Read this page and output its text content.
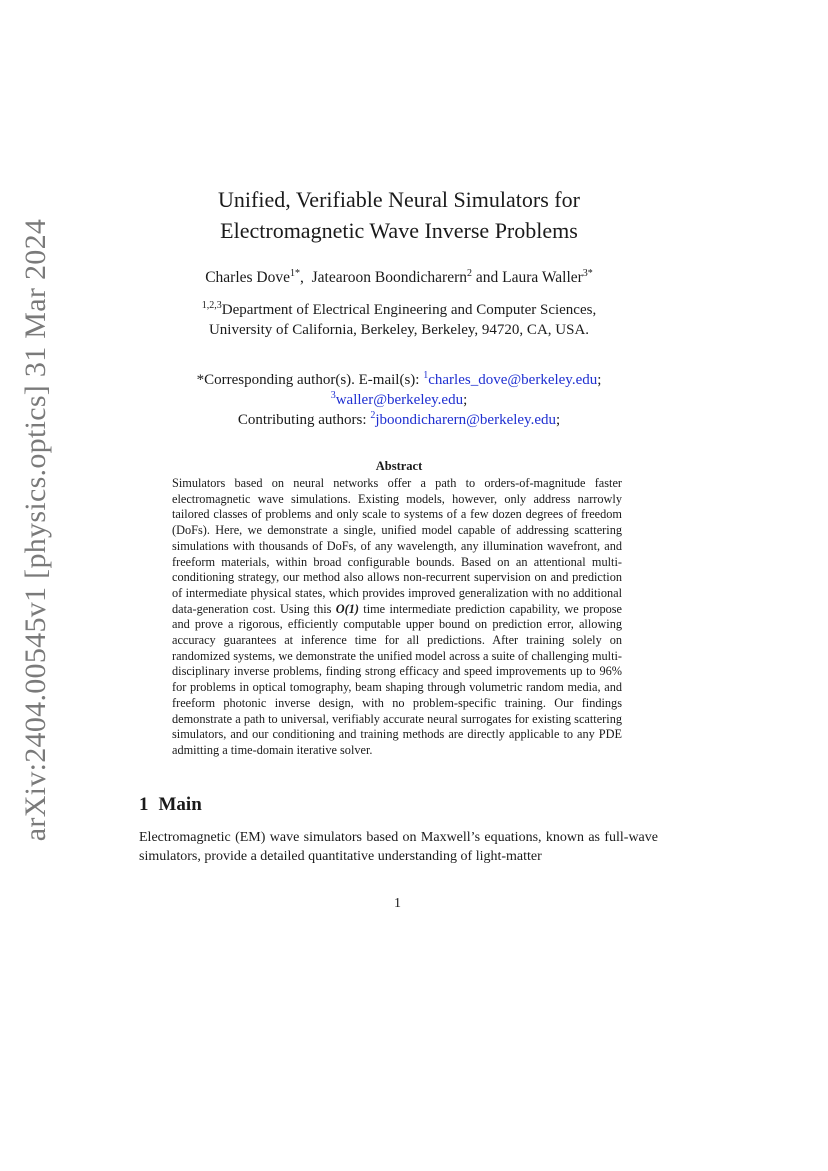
arXiv:2404.00545v1 [physics.optics] 31 Mar 2024
Unified, Verifiable Neural Simulators for
Electromagnetic Wave Inverse Problems
Charles Dove$^{1*}$,  Jatearoon Boondicharern$^2$ and Laura Waller$^{3*}$
$^{1,2,3}$Department of Electrical Engineering and Computer Sciences,
University of California, Berkeley, Berkeley, 94720, CA, USA.
*Corresponding author(s). E-mail(s): $^1$charles_dove@berkeley.edu;
$^3$waller@berkeley.edu;
Contributing authors: $^2$jboondicharern@berkeley.edu;
Abstract
Simulators based on neural networks offer a path to orders-of-magnitude faster electromagnetic wave simulations. Existing models, however, only address narrowly tailored classes of problems and only scale to systems of a few dozen degrees of freedom (DoFs). Here, we demonstrate a single, unified model capable of addressing scattering simulations with thousands of DoFs, of any wavelength, any illumination wavefront, and freeform materials, within broad configurable bounds. Based on an attentional multi-conditioning strategy, our method also allows non-recurrent supervision on and prediction of intermediate physical states, which provides improved generalization with no additional data-generation cost. Using this O(1) time intermediate prediction capability, we propose and prove a rigorous, efficiently computable upper bound on prediction error, allowing accuracy guarantees at inference time for all predictions. After training solely on randomized systems, we demonstrate the unified model across a suite of challenging multi-disciplinary inverse problems, finding strong efficacy and speed improvements up to 96% for problems in optical tomography, beam shaping through volumetric random media, and freeform photonic inverse design, with no problem-specific training. Our findings demonstrate a path to universal, verifiably accurate neural surrogates for existing scattering simulators, and our conditioning and training methods are directly applicable to any PDE admitting a time-domain iterative solver.
1 Main
Electromagnetic (EM) wave simulators based on Maxwell’s equations, known as full-wave simulators, provide a detailed quantitative understanding of light-matter
1
